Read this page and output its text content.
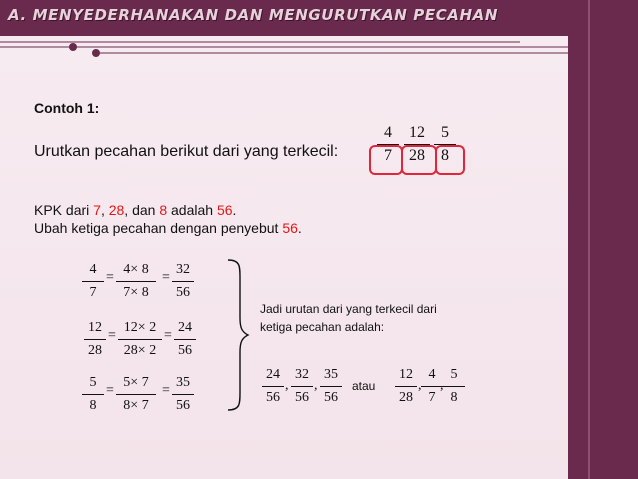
A. MENYEDERHANAKAN DAN MENGURUTKAN PECAHAN
Contoh 1:
Urutkan pecahan berikut dari yang terkecil:
4
7
12
28
5
8
KPK dari 7, 28, dan 8 adalah 56.
Ubah ketiga pecahan dengan penyebut 56.
4
7
=
4× 8
7× 8
=
32
56
12
28
=
12× 2
28× 2
=
24
56
5
8
=
5× 7
8× 7
=
35
56
Jadi urutan dari yang terkecil dari
ketiga pecahan adalah:
24
56
,
32
56
,
35
56
atau
12
28
,
4
7
,
5
8
